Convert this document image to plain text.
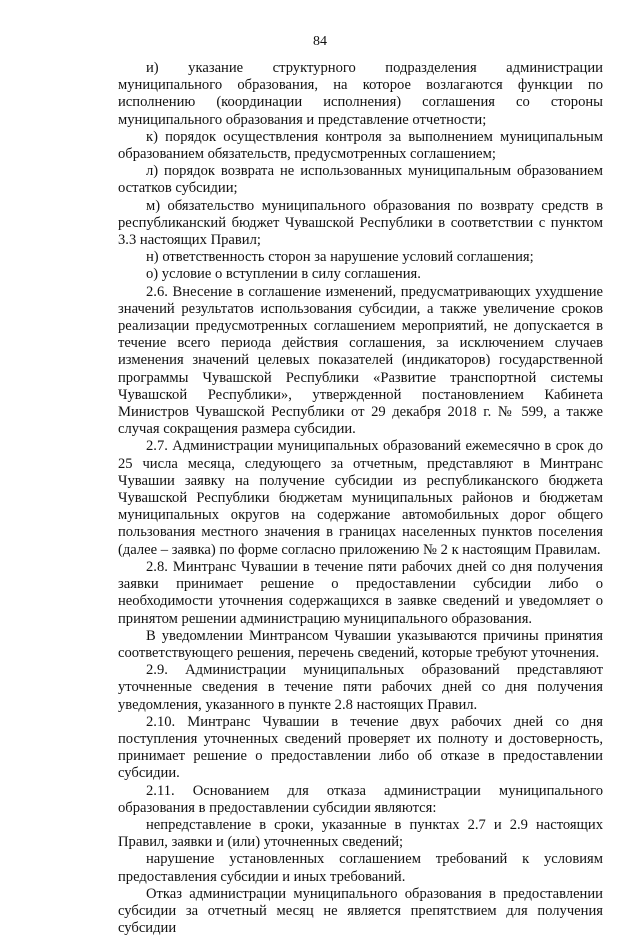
84

и) указание структурного подразделения администрации муниципального образования, на которое возлагаются функции по исполнению (координации исполнения) соглашения со стороны муниципального образования и представление отчетности;

к) порядок осуществления контроля за выполнением муниципальным образованием обязательств, предусмотренных соглашением;

л) порядок возврата не использованных муниципальным образованием остатков субсидии;

м) обязательство муниципального образования по возврату средств в республиканский бюджет Чувашской Республики в соответствии с пунктом 3.3 настоящих Правил;

н) ответственность сторон за нарушение условий соглашения;

о) условие о вступлении в силу соглашения.

2.6. Внесение в соглашение изменений, предусматривающих ухудшение значений результатов использования субсидии, а также увеличение сроков реализации предусмотренных соглашением мероприятий, не допускается в течение всего периода действия соглашения, за исключением случаев изменения значений целевых показателей (индикаторов) государственной программы Чувашской Республики «Развитие транспортной системы Чувашской Республики», утвержденной постановлением Кабинета Министров Чувашской Республики от 29 декабря 2018 г. № 599, а также случая сокращения размера субсидии.

2.7. Администрации муниципальных образований ежемесячно в срок до 25 числа месяца, следующего за отчетным, представляют в Минтранс Чувашии заявку на получение субсидии из республиканского бюджета Чувашской Республики бюджетам муниципальных районов и бюджетам муниципальных округов на содержание автомобильных дорог общего пользования местного значения в границах населенных пунктов поселения (далее – заявка) по форме согласно приложению № 2 к настоящим Правилам.

2.8. Минтранс Чувашии в течение пяти рабочих дней со дня получения заявки принимает решение о предоставлении субсидии либо о необходимости уточнения содержащихся в заявке сведений и уведомляет о принятом решении администрацию муниципального образования.

В уведомлении Минтрансом Чувашии указываются причины принятия соответствующего решения, перечень сведений, которые требуют уточнения.

2.9. Администрации муниципальных образований представляют уточненные сведения в течение пяти рабочих дней со дня получения уведомления, указанного в пункте 2.8 настоящих Правил.

2.10. Минтранс Чувашии в течение двух рабочих дней со дня поступления уточненных сведений проверяет их полноту и достоверность, принимает решение о предоставлении либо об отказе в предоставлении субсидии.

2.11. Основанием для отказа администрации муниципального образования в предоставлении субсидии являются:

непредставление в сроки, указанные в пунктах 2.7 и 2.9 настоящих Правил, заявки и (или) уточненных сведений;

нарушение установленных соглашением требований к условиям предоставления субсидии и иных требований.

Отказ администрации муниципального образования в предоставлении субсидии за отчетный месяц не является препятствием для получения субсидии
